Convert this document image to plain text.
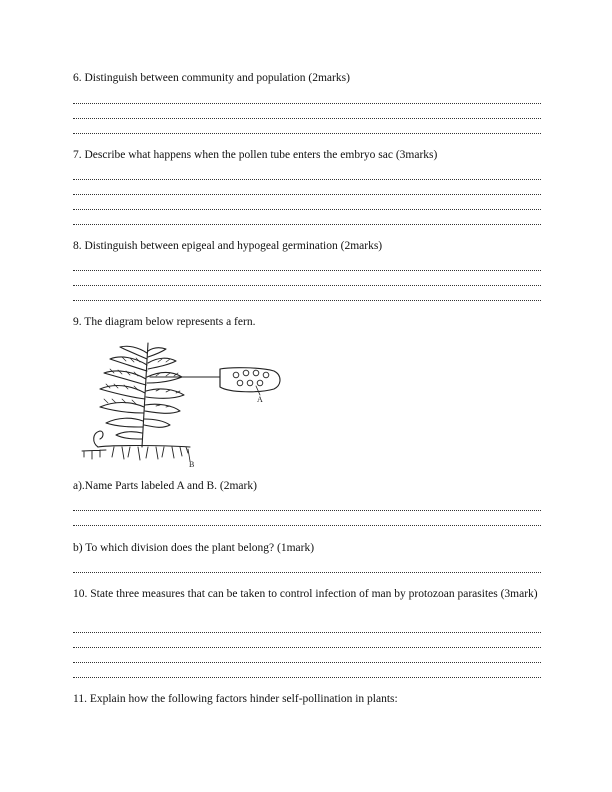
6. Distinguish between community and population (2marks)
7. Describe what happens when the pollen tube enters the embryo sac (3marks)
8. Distinguish between epigeal and hypogeal germination (2marks)
9. The diagram below represents a fern.
A
B
a).Name Parts labeled A and B. (2mark)
b) To which division does the plant belong? (1mark)
10. State three measures that can be taken to control infection of man by protozoan parasites (3mark)
11. Explain how the following factors hinder self-pollination in plants:
